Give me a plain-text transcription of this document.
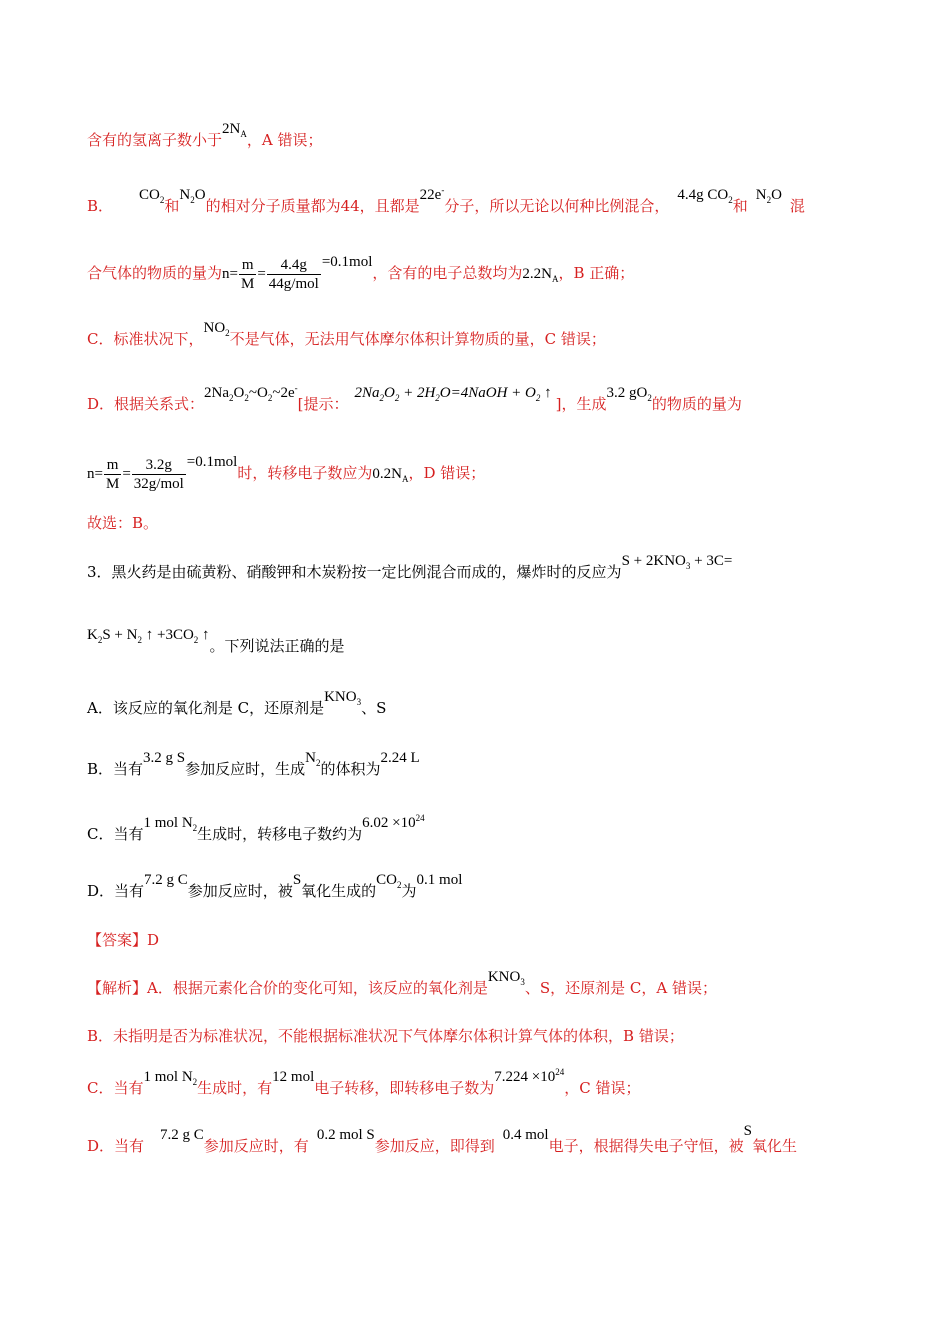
含有的氢离子数小于$2N_A$，A 错误；
B．$CO_2$和$N_2O$的相对分子质量都为44，且都是22e-分子，所以无论以何种比例混合，4.4g $CO_2$和$N_2O$混
合气体的物质的量为$n= \frac{m}{M} = \frac{4.4g}{\text{44g/mol}} =0.1mol$，含有的电子总数均为$2.2N_A$，B 正确；
C．标准状况下，$NO_2$不是气体，无法用气体摩尔体积计算物质的量，C 错误；
D．根据关系式：$2Na_2O_2\sim O_2\sim 2e^-$[提示：$2Na_2O_2$ + $2H_2O=4NaOH + O_2$ ↑]，生成3.2 $gO_2$的物质的量为
$n= \frac{m}{M} = \frac{3.2g}{\text{32g/mol}} =0.1mol$时，转移电子数应为$0.2N_A$，D 错误；
故选：B。
3．黑火药是由硫黄粉、硝酸钾和木炭粉按一定比例混合而成的，爆炸时的反应为$S + 2KNO_3 + 3C=$
$K_2S + N_2$ ↑ $+3CO_2$ ↑。下列说法正确的是
A．该反应的氧化剂是 C，还原剂是$KNO_3$、S
B．当有3.2 g S参加反应时，生成$N_2$的体积为2.24 L
C．当有1 mol $N_2$生成时，转移电子数约为$6.02 \times 10^{24}$
D．当有7.2 g C参加反应时，被S氧化生成的$CO_2$为0.1 mol
【答案】D
【解析】A．根据元素化合价的变化可知，该反应的氧化剂是$KNO_3$、S，还原剂是 C，A 错误；
B．未指明是否为标准状况，不能根据标准状况下气体摩尔体积计算气体的体积，B 错误；
C．当有1 mol $N_2$生成时，有12 mol电子转移，即转移电子数为$7.224 \times 10^{24}$，C 错误；
D．当有7.2 g C参加反应时，有0.2 mol S参加反应，即得到0.4 mol电子，根据得失电子守恒，被S氧化生
